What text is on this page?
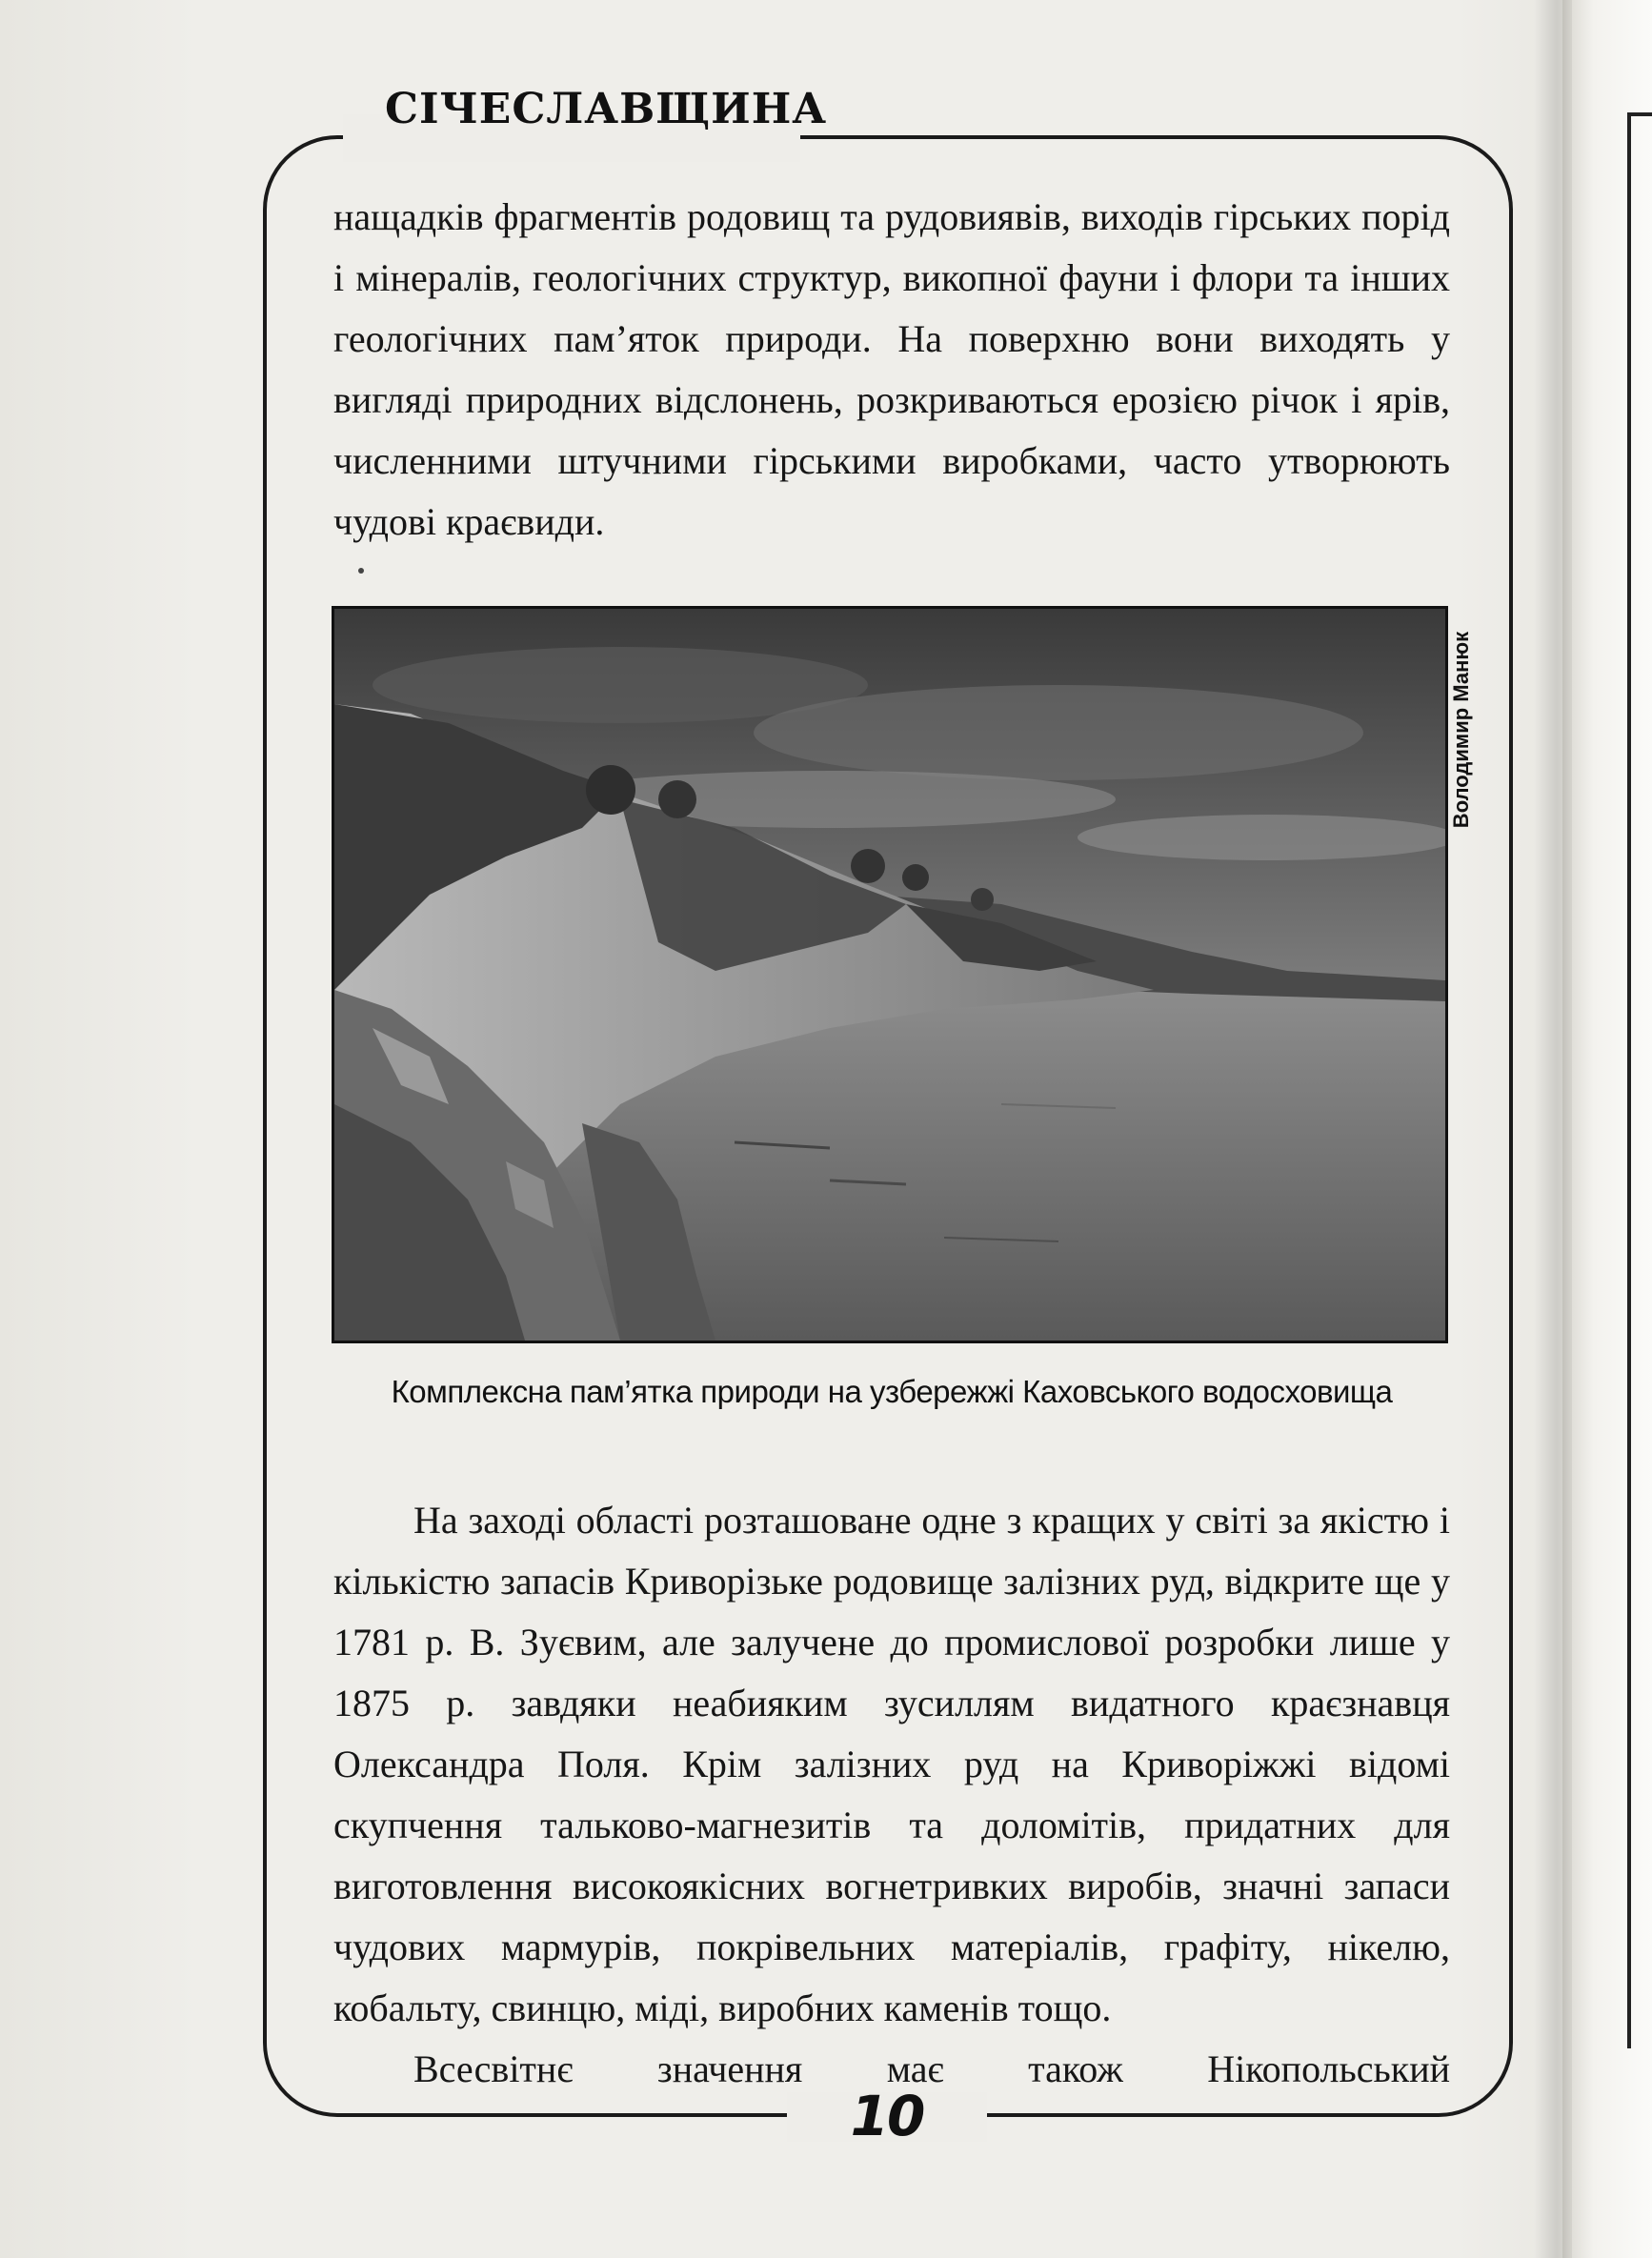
СІЧЕСЛАВЩИНА

нащадків фрагментів родовищ та рудовиявів, виходів гірських порід і мінералів, геологічних структур, викопної фауни і флори та інших геологічних пам’яток природи. На поверхню вони виходять у вигляді природних відслонень, розкриваються ерозією річок і ярів, численними штучними гірськими виробками, часто утворюють чудові краєвиди.

Володимир Манюк
Комплексна пам’ятка природи на узбережжі Каховського водосховища

На заході області розташоване одне з кращих у світі за якістю і кількістю запасів Криворізьке родовище залізних руд, відкрите ще у 1781 р. В. Зуєвим, але залучене до промислової розробки лише у 1875 р. завдяки неабияким зусиллям видатного краєзнавця Олександра Поля. Крім залізних руд на Криворіжжі відомі скупчення тальково-магнезитів та доломітів, придатних для виготовлення високоякісних вогнетривких виробів, значні запаси чудових мармурів, покрівельних матеріалів, графіту, нікелю, кобальту, свинцю, міді, виробних каменів тощо.

Всесвітнє значення має також Нікопольський

10
